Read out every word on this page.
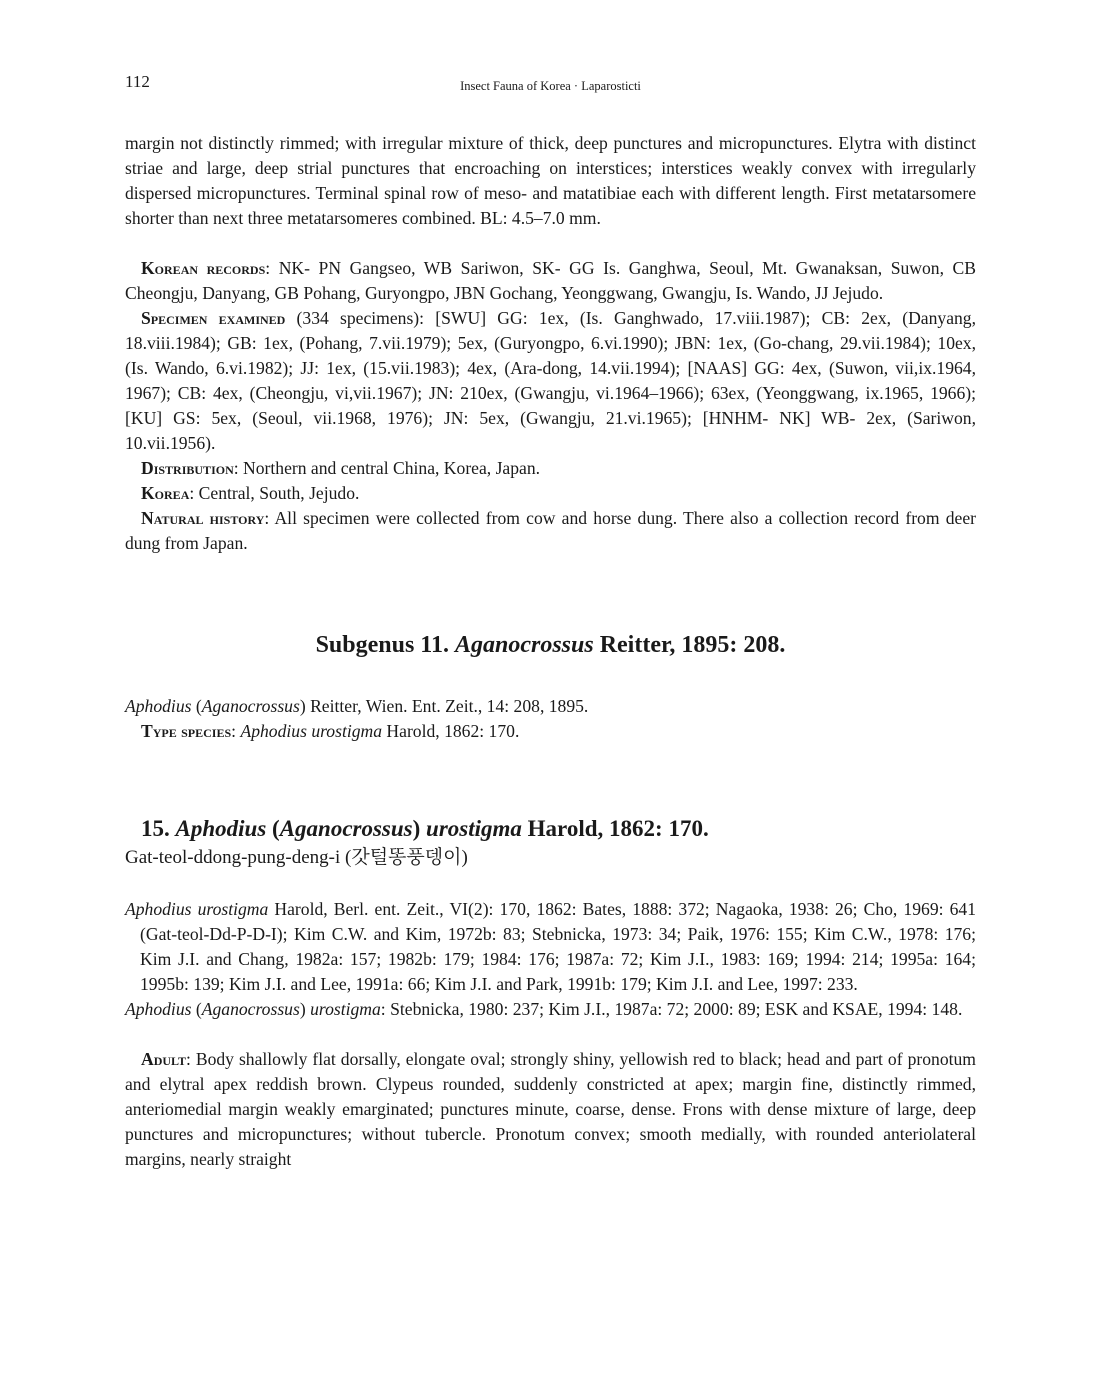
112	Insect Fauna of Korea · Laparosticti

margin not distinctly rimmed; with irregular mixture of thick, deep punctures and micropunctures. Elytra with distinct striae and large, deep strial punctures that encroaching on interstices; interstices weakly convex with irregularly dispersed micropunctures. Terminal spinal row of meso- and matatibiae each with different length. First metatarsomere shorter than next three metatarsomeres combined. BL: 4.5–7.0 mm.

Korean records: NK- PN Gangseo, WB Sariwon, SK- GG Is. Ganghwa, Seoul, Mt. Gwanaksan, Suwon, CB Cheongju, Danyang, GB Pohang, Guryongpo, JBN Gochang, Yeonggwang, Gwangju, Is. Wando, JJ Jejudo.

Specimen examined (334 specimens): [SWU] GG: 1ex, (Is. Ganghwado, 17.viii.1987); CB: 2ex, (Danyang, 18.viii.1984); GB: 1ex, (Pohang, 7.vii.1979); 5ex, (Guryongpo, 6.vi.1990); JBN: 1ex, (Go-chang, 29.vii.1984); 10ex, (Is. Wando, 6.vi.1982); JJ: 1ex, (15.vii.1983); 4ex, (Ara-dong, 14.vii.1994); [NAAS] GG: 4ex, (Suwon, vii,ix.1964, 1967); CB: 4ex, (Cheongju, vi,vii.1967); JN: 210ex, (Gwangju, vi.1964–1966); 63ex, (Yeonggwang, ix.1965, 1966); [KU] GS: 5ex, (Seoul, vii.1968, 1976); JN: 5ex, (Gwangju, 21.vi.1965); [HNHM- NK] WB- 2ex, (Sariwon, 10.vii.1956).

Distribution: Northern and central China, Korea, Japan.

Korea: Central, South, Jejudo.

Natural history: All specimen were collected from cow and horse dung. There also a collection record from deer dung from Japan.

Subgenus 11. Aganocrossus Reitter, 1895: 208.

Aphodius (Aganocrossus) Reitter, Wien. Ent. Zeit., 14: 208, 1895.

Type species: Aphodius urostigma Harold, 1862: 170.

15. Aphodius (Aganocrossus) urostigma Harold, 1862: 170.

Gat-teol-ddong-pung-deng-i (갓털똥풍뎅이)

Aphodius urostigma Harold, Berl. ent. Zeit., VI(2): 170, 1862: Bates, 1888: 372; Nagaoka, 1938: 26; Cho, 1969: 641 (Gat-teol-Dd-P-D-I); Kim C.W. and Kim, 1972b: 83; Stebnicka, 1973: 34; Paik, 1976: 155; Kim C.W., 1978: 176; Kim J.I. and Chang, 1982a: 157; 1982b: 179; 1984: 176; 1987a: 72; Kim J.I., 1983: 169; 1994: 214; 1995a: 164; 1995b: 139; Kim J.I. and Lee, 1991a: 66; Kim J.I. and Park, 1991b: 179; Kim J.I. and Lee, 1997: 233.

Aphodius (Aganocrossus) urostigma: Stebnicka, 1980: 237; Kim J.I., 1987a: 72; 2000: 89; ESK and KSAE, 1994: 148.

Adult: Body shallowly flat dorsally, elongate oval; strongly shiny, yellowish red to black; head and part of pronotum and elytral apex reddish brown. Clypeus rounded, suddenly constricted at apex; margin fine, distinctly rimmed, anteriomedial margin weakly emarginated; punctures minute, coarse, dense. Frons with dense mixture of large, deep punctures and micropunctures; without tubercle. Pronotum convex; smooth medially, with rounded anteriolateral margins, nearly straight
